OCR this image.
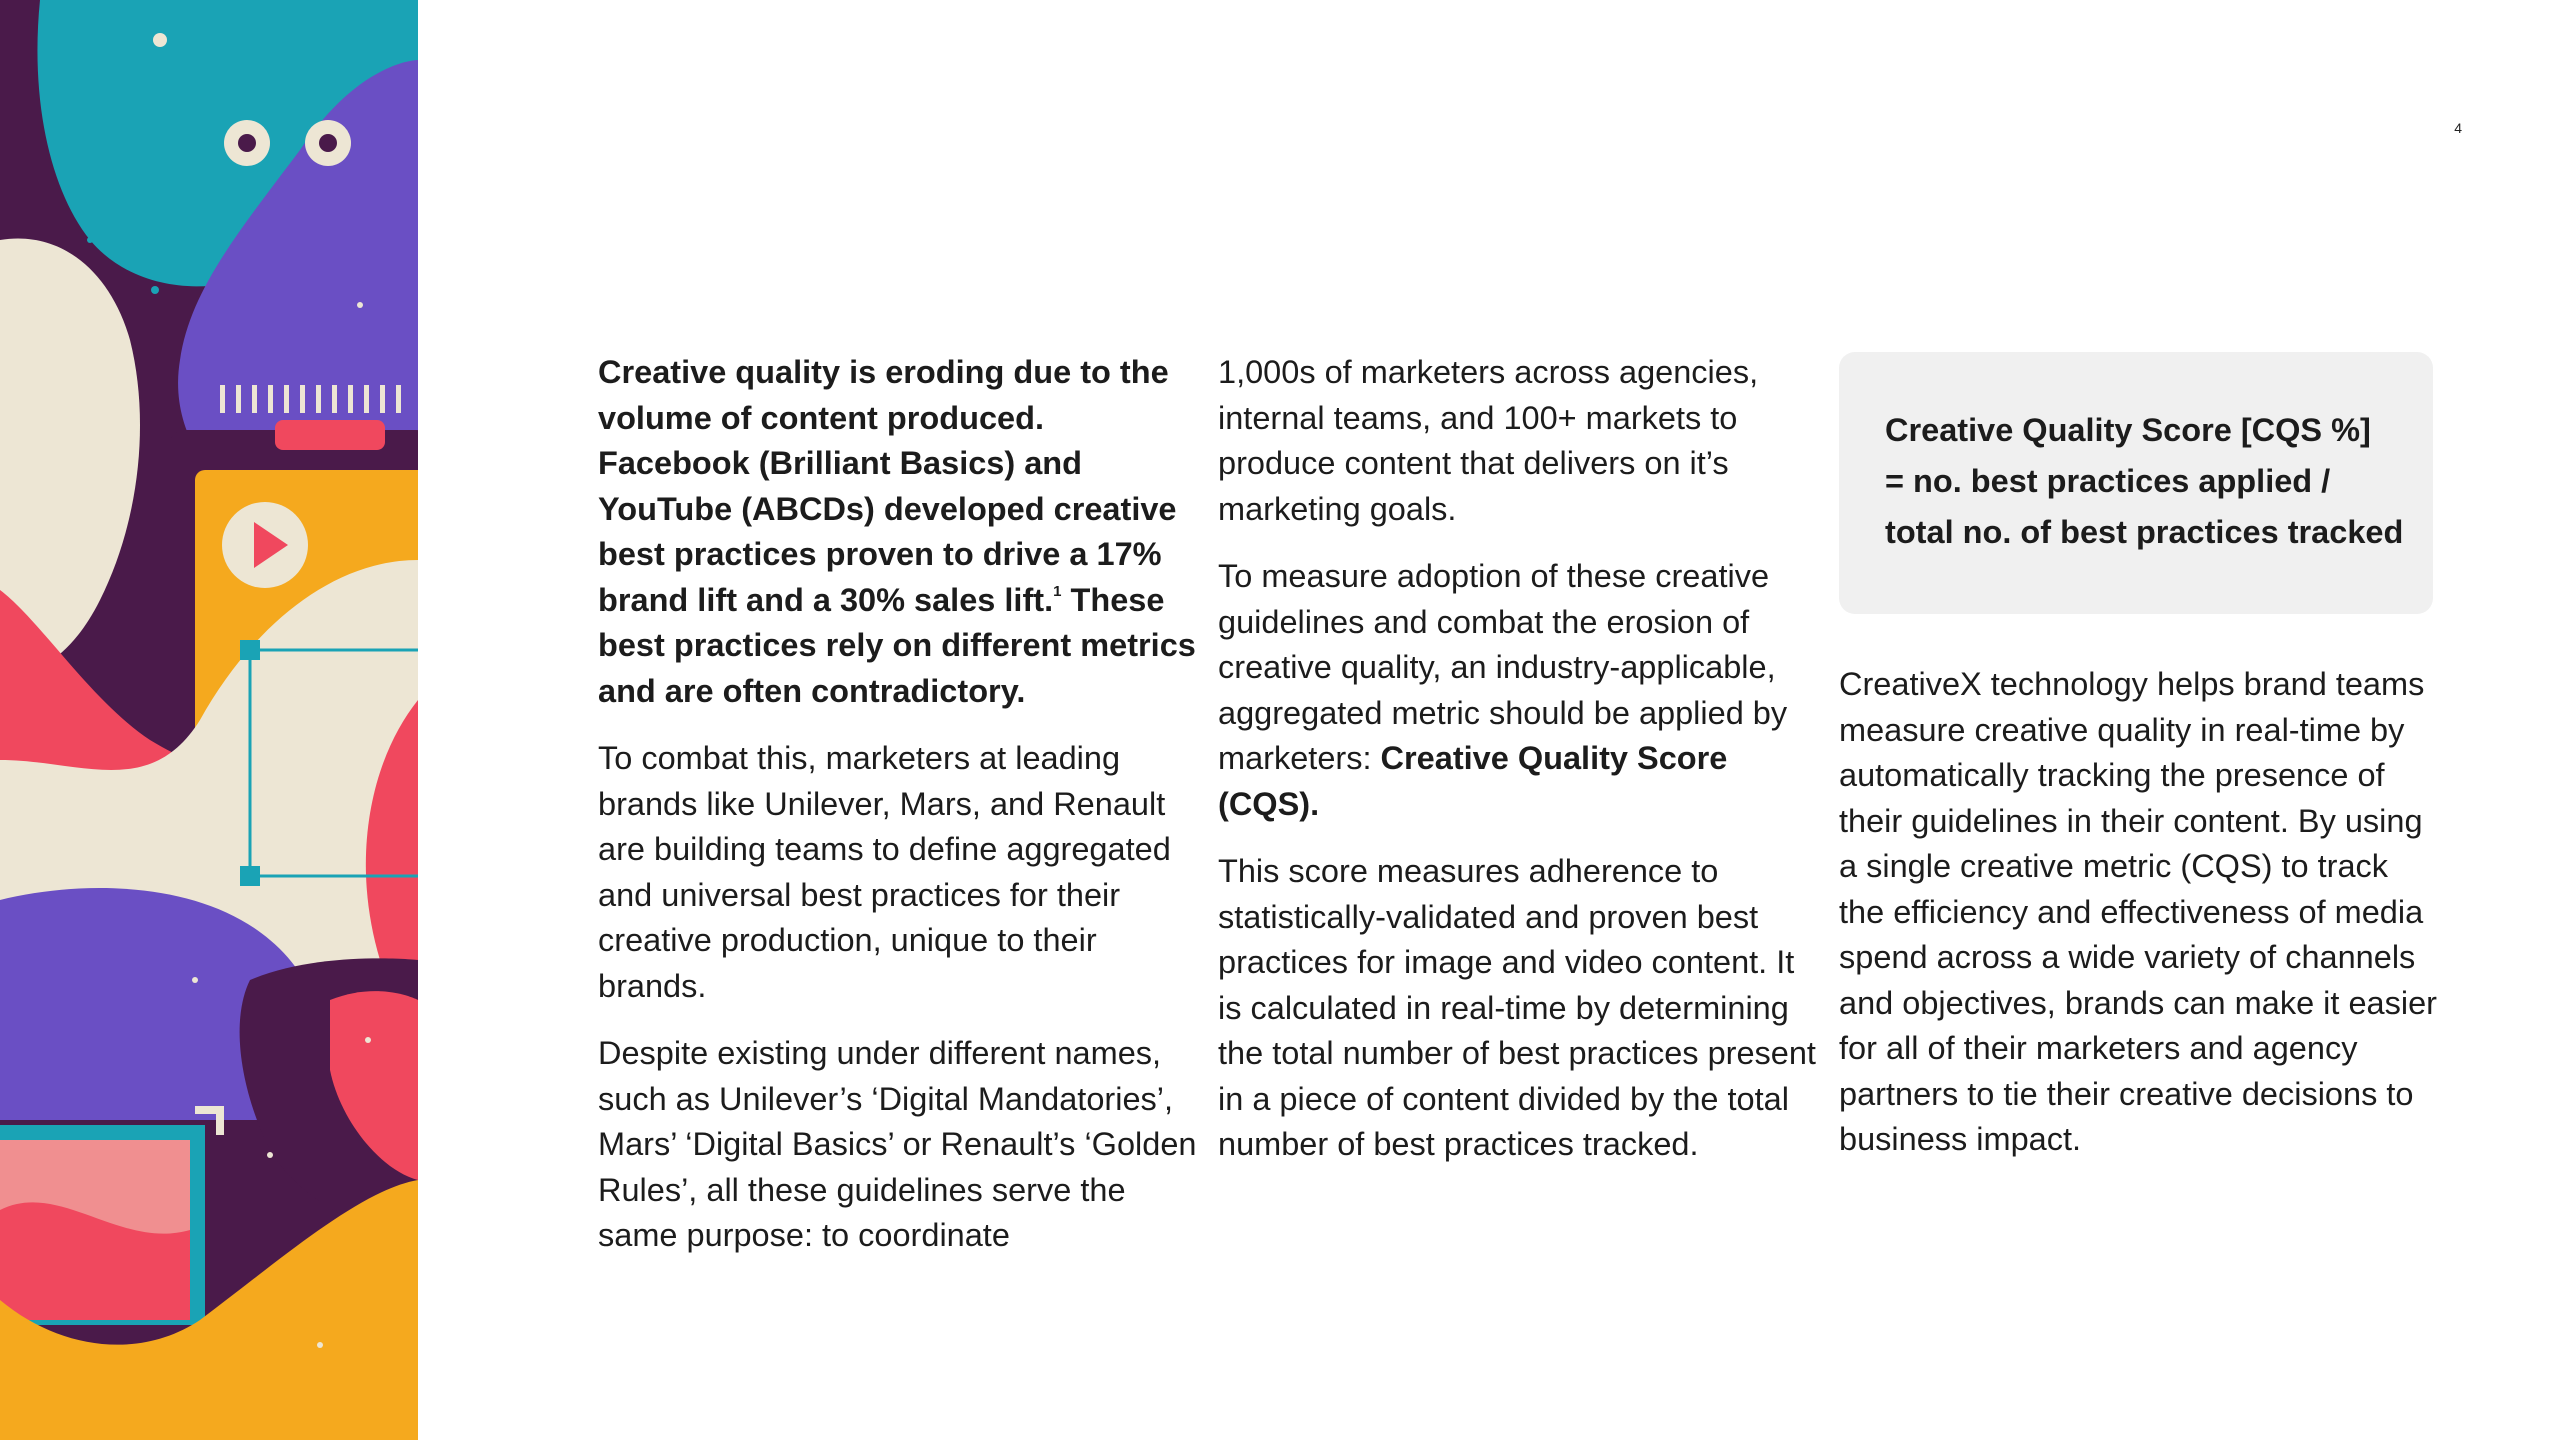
4

Creative quality is eroding due to the volume of content produced. Facebook (Brilliant Basics) and YouTube (ABCDs) developed creative best practices proven to drive a 17% brand lift and a 30% sales lift.$^1$ These best practices rely on different metrics and are often contradictory.

To combat this, marketers at leading brands like Unilever, Mars, and Renault are building teams to define aggregated and universal best practices for their creative production, unique to their brands.

Despite existing under different names, such as Unilever’s ‘Digital Mandatories’, Mars’ ‘Digital Basics’ or Renault’s ‘Golden Rules’, all these guidelines serve the same purpose: to coordinate

1,000s of marketers across agencies, internal teams, and 100+ markets to produce content that delivers on it’s marketing goals.

To measure adoption of these creative guidelines and combat the erosion of creative quality, an industry-applicable, aggregated metric should be applied by marketers: Creative Quality Score (CQS).

This score measures adherence to statistically-validated and proven best practices for image and video content. It is calculated in real-time by determining the total number of best practices present in a piece of content divided by the total number of best practices tracked.

Creative Quality Score [CQS %]
= no. best practices applied /
total no. of best practices tracked

CreativeX technology helps brand teams measure creative quality in real-time by automatically tracking the presence of their guidelines in their content. By using a single creative metric (CQS) to track the efficiency and effectiveness of media spend across a wide variety of channels and objectives, brands can make it easier for all of their marketers and agency partners to tie their creative decisions to business impact.
